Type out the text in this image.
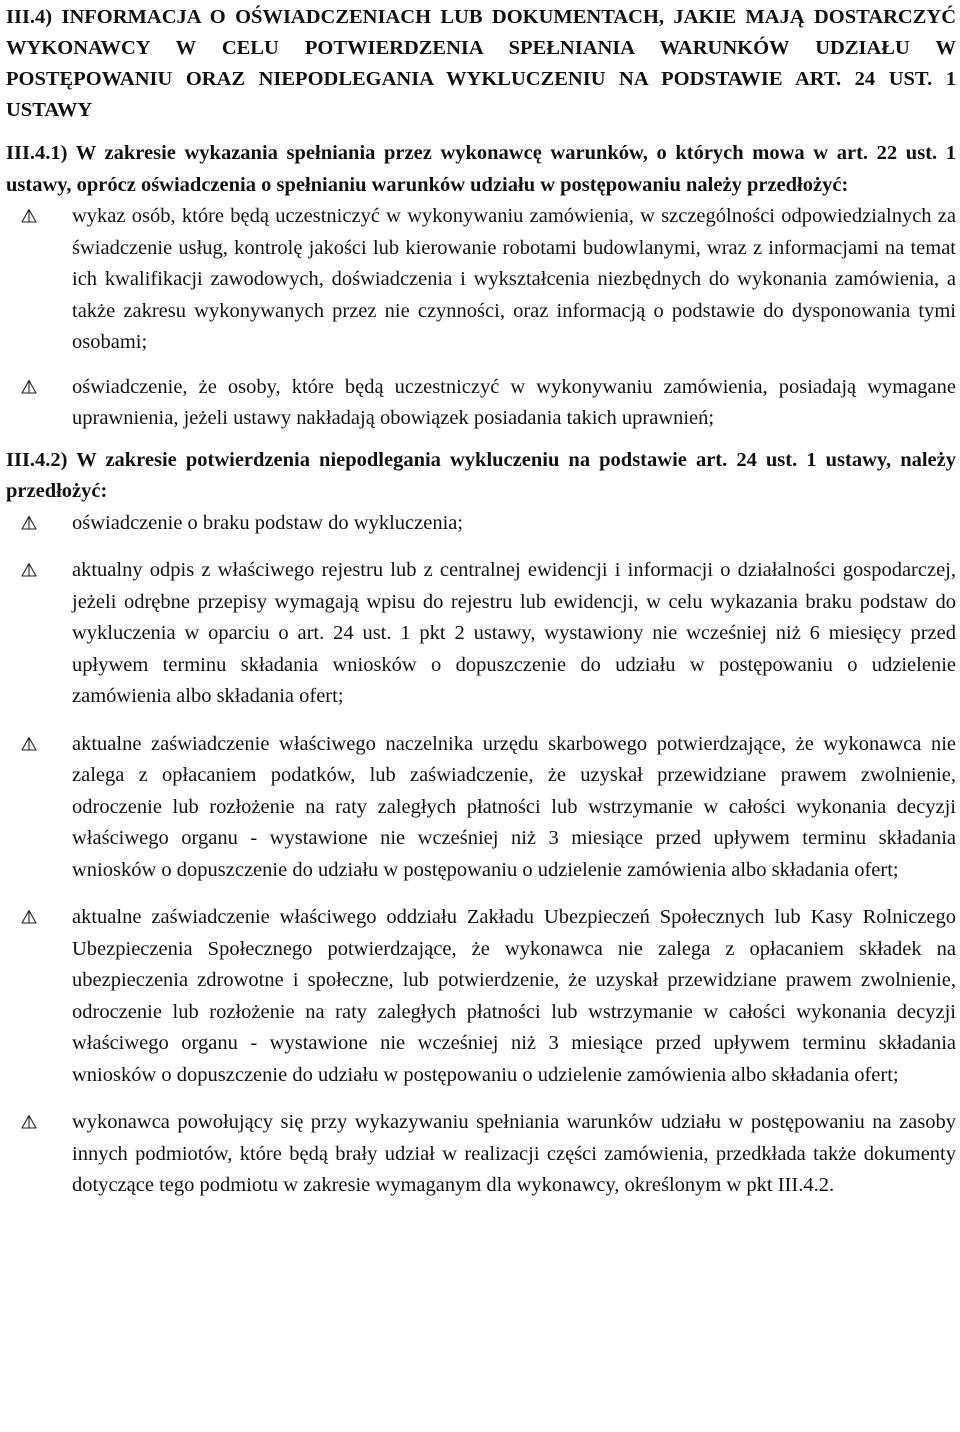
III.4) INFORMACJA O OŚWIADCZENIACH LUB DOKUMENTACH, JAKIE MAJĄ DOSTARCZYĆ WYKONAWCY W CELU POTWIERDZENIA SPEŁNIANIA WARUNKÓW UDZIAŁU W POSTĘPOWANIU ORAZ NIEPODLEGANIA WYKLUCZENIU NA PODSTAWIE ART. 24 UST. 1 USTAWY

III.4.1) W zakresie wykazania spełniania przez wykonawcę warunków, o których mowa w art. 22 ust. 1 ustawy, oprócz oświadczenia o spełnianiu warunków udziału w postępowaniu należy przedłożyć:

wykaz osób, które będą uczestniczyć w wykonywaniu zamówienia, w szczególności odpowiedzialnych za świadczenie usług, kontrolę jakości lub kierowanie robotami budowlanymi, wraz z informacjami na temat ich kwalifikacji zawodowych, doświadczenia i wykształcenia niezbędnych do wykonania zamówienia, a także zakresu wykonywanych przez nie czynności, oraz informacją o podstawie do dysponowania tymi osobami;
oświadczenie, że osoby, które będą uczestniczyć w wykonywaniu zamówienia, posiadają wymagane uprawnienia, jeżeli ustawy nakładają obowiązek posiadania takich uprawnień;

III.4.2) W zakresie potwierdzenia niepodlegania wykluczeniu na podstawie art. 24 ust. 1 ustawy, należy przedłożyć:

oświadczenie o braku podstaw do wykluczenia;
aktualny odpis z właściwego rejestru lub z centralnej ewidencji i informacji o działalności gospodarczej, jeżeli odrębne przepisy wymagają wpisu do rejestru lub ewidencji, w celu wykazania braku podstaw do wykluczenia w oparciu o art. 24 ust. 1 pkt 2 ustawy, wystawiony nie wcześniej niż 6 miesięcy przed upływem terminu składania wniosków o dopuszczenie do udziału w postępowaniu o udzielenie zamówienia albo składania ofert;
aktualne zaświadczenie właściwego naczelnika urzędu skarbowego potwierdzające, że wykonawca nie zalega z opłacaniem podatków, lub zaświadczenie, że uzyskał przewidziane prawem zwolnienie, odroczenie lub rozłożenie na raty zaległych płatności lub wstrzymanie w całości wykonania decyzji właściwego organu - wystawione nie wcześniej niż 3 miesiące przed upływem terminu składania wniosków o dopuszczenie do udziału w postępowaniu o udzielenie zamówienia albo składania ofert;
aktualne zaświadczenie właściwego oddziału Zakładu Ubezpieczeń Społecznych lub Kasy Rolniczego Ubezpieczenia Społecznego potwierdzające, że wykonawca nie zalega z opłacaniem składek na ubezpieczenia zdrowotne i społeczne, lub potwierdzenie, że uzyskał przewidziane prawem zwolnienie, odroczenie lub rozłożenie na raty zaległych płatności lub wstrzymanie w całości wykonania decyzji właściwego organu - wystawione nie wcześniej niż 3 miesiące przed upływem terminu składania wniosków o dopuszczenie do udziału w postępowaniu o udzielenie zamówienia albo składania ofert;
wykonawca powołujący się przy wykazywaniu spełniania warunków udziału w postępowaniu na zasoby innych podmiotów, które będą brały udział w realizacji części zamówienia, przedkłada także dokumenty dotyczące tego podmiotu w zakresie wymaganym dla wykonawcy, określonym w pkt III.4.2.
